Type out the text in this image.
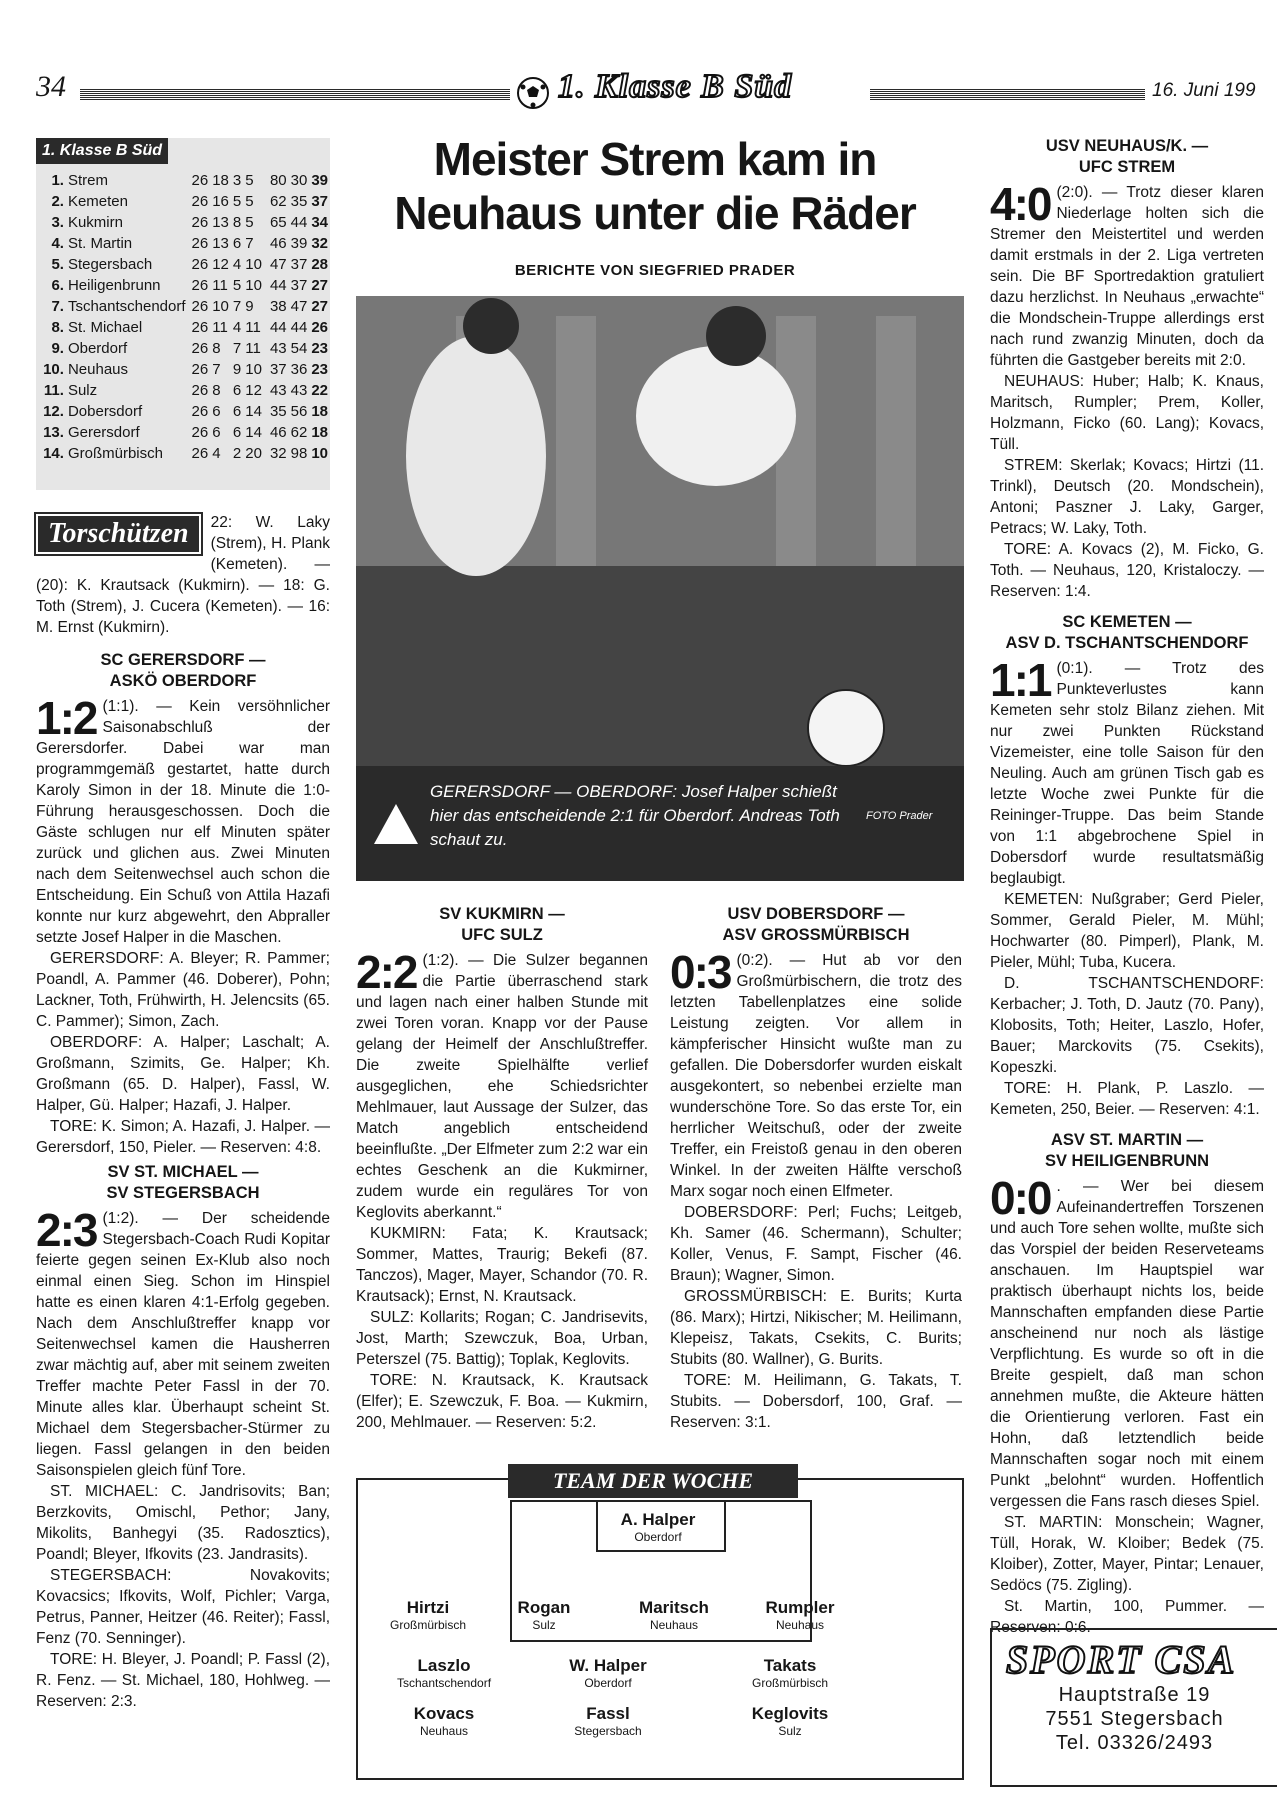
34	1. Klasse B Süd	16. Juni 199
1. Klasse B Süd
1.	Strem	26	18	3	5	80	30	39
2.	Kemeten	26	16	5	5	62	35	37
3.	Kukmirn	26	13	8	5	65	44	34
4.	St. Martin	26	13	6	7	46	39	32
5.	Stegersbach	26	12	4	10	47	37	28
6.	Heiligenbrunn	26	11	5	10	44	37	27
7.	Tschantschendorf	26	10	7	9	38	47	27
8.	St. Michael	26	11	4	11	44	44	26
9.	Oberdorf	26	8	7	11	43	54	23
10.	Neuhaus	26	7	9	10	37	36	23
11.	Sulz	26	8	6	12	43	43	22
12.	Dobersdorf	26	6	6	14	35	56	18
13.	Gerersdorf	26	6	6	14	46	62	18
14.	Großmürbisch	26	4	2	20	32	98	10
Torschützen	22: W. Laky (Strem), H. Plank (Kemeten). — (20): K. Krautsack (Kukmirn). — 18: G. Toth (Strem), J. Cucera (Kemeten). — 16: M. Ernst (Kukmirn).
SC GERERSDORF —
ASKÖ OBERDORF
1:2 (1:1). — Kein versöhnlicher Saisonabschluß der Gerersdorfer. Dabei war man programmgemäß gestartet, hatte durch Karoly Simon in der 18. Minute die 1:0-Führung herausgeschossen. Doch die Gäste schlugen nur elf Minuten später zurück und glichen aus. Zwei Minuten nach dem Seitenwechsel auch schon die Entscheidung. Ein Schuß von Attila Hazafi konnte nur kurz abgewehrt, den Abpraller setzte Josef Halper in die Maschen.

GERERSDORF: A. Bleyer; R. Pammer; Poandl, A. Pammer (46. Doberer), Pohn; Lackner, Toth, Frühwirth, H. Jelencsits (65. C. Pammer); Simon, Zach.

OBERDORF: A. Halper; Laschalt; A. Großmann, Szimits, Ge. Halper; Kh. Großmann (65. D. Halper), Fassl, W. Halper, Gü. Halper; Hazafi, J. Halper.

TORE: K. Simon; A. Hazafi, J. Halper. — Gerersdorf, 150, Pieler. — Reserven: 4:8.

SV ST. MICHAEL —
SV STEGERSBACH
2:3 (1:2). — Der scheidende Stegersbach-Coach Rudi Kopitar feierte gegen seinen Ex-Klub also noch einmal einen Sieg. Schon im Hinspiel hatte es einen klaren 4:1-Erfolg gegeben. Nach dem Anschlußtreffer knapp vor Seitenwechsel kamen die Hausherren zwar mächtig auf, aber mit seinem zweiten Treffer machte Peter Fassl in der 70. Minute alles klar. Überhaupt scheint St. Michael dem Stegersbacher-Stürmer zu liegen. Fassl gelangen in den beiden Saisonspielen gleich fünf Tore.

ST. MICHAEL: C. Jandrisovits; Ban; Berzkovits, Omischl, Pethor; Jany, Mikolits, Banhegyi (35. Radosztics), Poandl; Bleyer, Ifkovits (23. Jandrasits).

STEGERSBACH: Novakovits; Kovacsics; Ifkovits, Wolf, Pichler; Varga, Petrus, Panner, Heitzer (46. Reiter); Fassl, Fenz (70. Senninger).

TORE: H. Bleyer, J. Poandl; P. Fassl (2), R. Fenz. — St. Michael, 180, Hohlweg. — Reserven: 2:3.

Meister Strem kam in Neuhaus unter die Räder
BERICHTE VON SIEGFRIED PRADER
GERERSDORF — OBERDORF: Josef Halper schießt hier das entscheidende 2:1 für Oberdorf. Andreas Toth schaut zu.
FOTO Prader
SV KUKMIRN —
UFC SULZ
2:2 (1:2). — Die Sulzer begannen die Partie überraschend stark und lagen nach einer halben Stunde mit zwei Toren voran. Knapp vor der Pause gelang der Heimelf der Anschlußtreffer. Die zweite Spielhälfte verlief ausgeglichen, ehe Schiedsrichter Mehlmauer, laut Aussage der Sulzer, das Match angeblich entscheidend beeinflußte. „Der Elfmeter zum 2:2 war ein echtes Geschenk an die Kukmirner, zudem wurde ein reguläres Tor von Keglovits aberkannt.“

KUKMIRN: Fata; K. Krautsack; Sommer, Mattes, Traurig; Bekefi (87. Tanczos), Mager, Mayer, Schandor (70. R. Krautsack); Ernst, N. Krautsack.

SULZ: Kollarits; Rogan; C. Jandrisevits, Jost, Marth; Szewczuk, Boa, Urban, Peterszel (75. Battig); Toplak, Keglovits.

TORE: N. Krautsack, K. Krautsack (Elfer); E. Szewczuk, F. Boa. — Kukmirn, 200, Mehlmauer. — Reserven: 5:2.

USV DOBERSDORF —
ASV GROSSMÜRBISCH
0:3 (0:2). — Hut ab vor den Großmürbischern, die trotz des letzten Tabellenplatzes eine solide Leistung zeigten. Vor allem in kämpferischer Hinsicht wußte man zu gefallen. Die Dobersdorfer wurden eiskalt ausgekontert, so nebenbei erzielte man wunderschöne Tore. So das erste Tor, ein herrlicher Weitschuß, oder der zweite Treffer, ein Freistoß genau in den oberen Winkel. In der zweiten Hälfte verschoß Marx sogar noch einen Elfmeter.

DOBERSDORF: Perl; Fuchs; Leitgeb, Kh. Samer (46. Schermann), Schulter; Koller, Venus, F. Sampt, Fischer (46. Braun); Wagner, Simon.

GROSSMÜRBISCH: E. Burits; Kurta (86. Marx); Hirtzi, Nikischer; M. Heilimann, Klepeisz, Takats, Csekits, C. Burits; Stubits (80. Wallner), G. Burits.

TORE: M. Heilimann, G. Takats, T. Stubits. — Dobersdorf, 100, Graf. — Reserven: 3:1.

TEAM DER WOCHE
A. Halper
Oberdorf
Hirtzi
Großmürbisch
Rogan
Sulz
Maritsch
Neuhaus
Rumpler
Neuhaus
Laszlo
Tschantschendorf
W. Halper
Oberdorf
Takats
Großmürbisch
Kovacs
Neuhaus
Fassl
Stegersbach
Keglovits
Sulz
USV NEUHAUS/K. —
UFC STREM
4:0 (2:0). — Trotz dieser klaren Niederlage holten sich die Stremer den Meistertitel und werden damit erstmals in der 2. Liga vertreten sein. Die BF Sportredaktion gratuliert dazu herzlichst. In Neuhaus „erwachte“ die Mondschein-Truppe allerdings erst nach rund zwanzig Minuten, doch da führten die Gastgeber bereits mit 2:0.

NEUHAUS: Huber; Halb; K. Knaus, Maritsch, Rumpler; Prem, Koller, Holzmann, Ficko (60. Lang); Kovacs, Tüll.

STREM: Skerlak; Kovacs; Hirtzi (11. Trinkl), Deutsch (20. Mondschein), Antoni; Paszner J. Laky, Garger, Petracs; W. Laky, Toth.

TORE: A. Kovacs (2), M. Ficko, G. Toth. — Neuhaus, 120, Kristaloczy. — Reserven: 1:4.

SC KEMETEN —
ASV D. TSCHANTSCHENDORF
1:1 (0:1). — Trotz des Punkteverlustes kann Kemeten sehr stolz Bilanz ziehen. Mit nur zwei Punkten Rückstand Vizemeister, eine tolle Saison für den Neuling. Auch am grünen Tisch gab es letzte Woche zwei Punkte für die Reininger-Truppe. Das beim Stande von 1:1 abgebrochene Spiel in Dobersdorf wurde resultatsmäßig beglaubigt.

KEMETEN: Nußgraber; Gerd Pieler, Sommer, Gerald Pieler, M. Mühl; Hochwarter (80. Pimperl), Plank, M. Pieler, Mühl; Tuba, Kucera.

D. TSCHANTSCHENDORF: Kerbacher; J. Toth, D. Jautz (70. Pany), Klobosits, Toth; Heiter, Laszlo, Hofer, Bauer; Marckovits (75. Csekits), Kopeszki.

TORE: H. Plank, P. Laszlo. — Kemeten, 250, Beier. — Reserven: 4:1.

ASV ST. MARTIN —
SV HEILIGENBRUNN
0:0 . — Wer bei diesem Aufeinandertreffen Torszenen und auch Tore sehen wollte, mußte sich das Vorspiel der beiden Reserveteams anschauen. Im Hauptspiel war praktisch überhaupt nichts los, beide Mannschaften empfanden diese Partie anscheinend nur noch als lästige Verpflichtung. Es wurde so oft in die Breite gespielt, daß man schon annehmen mußte, die Akteure hätten die Orientierung verloren. Fast ein Hohn, daß letztendlich beide Mannschaften sogar noch mit einem Punkt „belohnt“ wurden. Hoffentlich vergessen die Fans rasch dieses Spiel.

ST. MARTIN: Monschein; Wagner, Tüll, Horak, W. Kloiber; Bedek (75. Kloiber), Zotter, Mayer, Pintar; Lenauer, Sedöcs (75. Zigling).

St. Martin, 100, Pummer. — Reserven: 0:6.

SPORT CSA
Hauptstraße 19
7551 Stegersbach
Tel. 03326/2493
